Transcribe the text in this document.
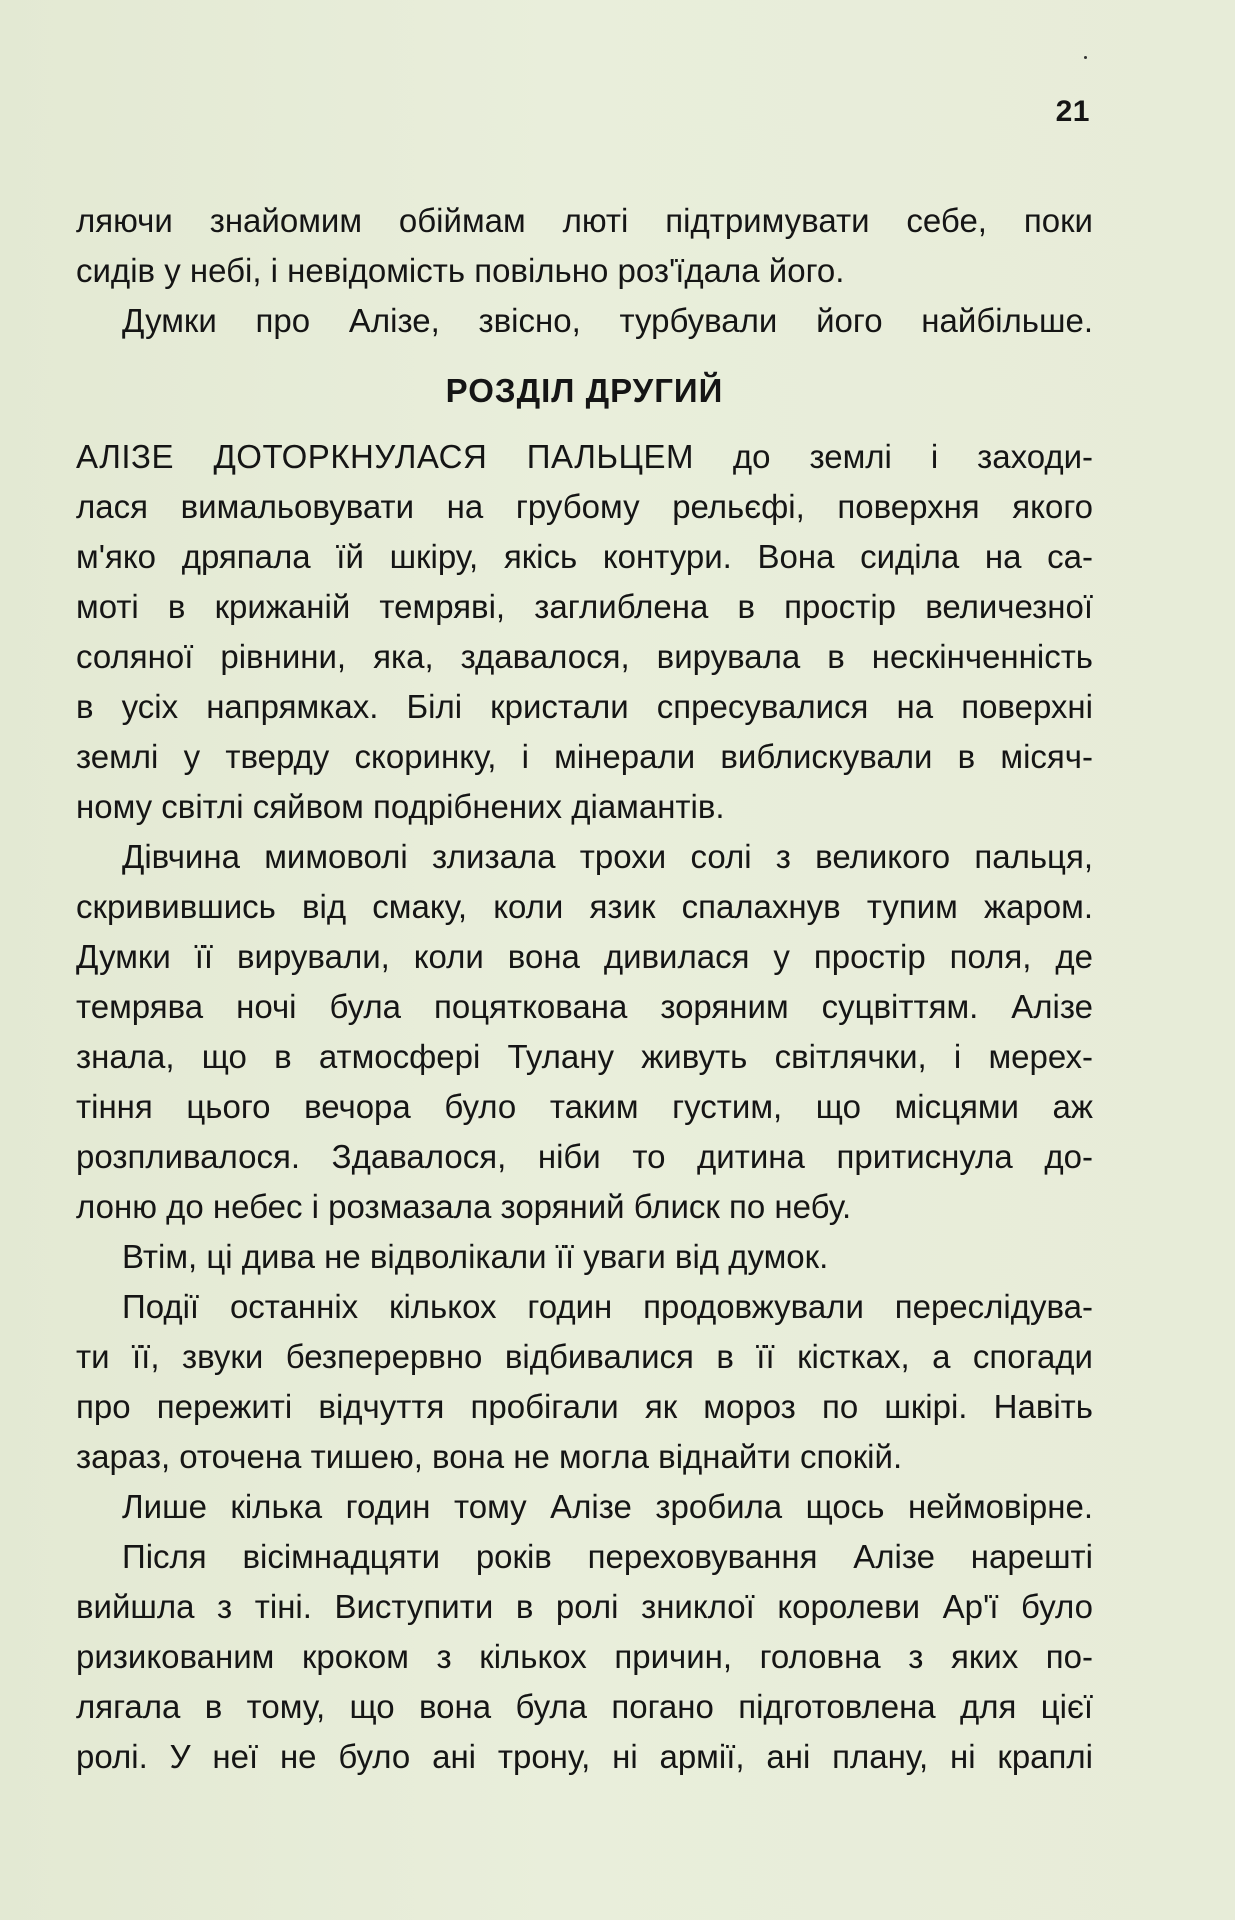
21
ляючи знайомим обіймам люті підтримувати себе, поки
сидів у небі, і невідомість повільно роз'їдала його.
Думки про Алізе, звісно, турбували його найбільше.
РОЗДІЛ ДРУГИЙ
АЛІЗЕ ДОТОРКНУЛАСЯ ПАЛЬЦЕМ до землі і заходи-
лася вимальовувати на грубому рельєфі, поверхня якого
м'яко дряпала їй шкіру, якісь контури. Вона сиділа на са-
моті в крижаній темряві, заглиблена в простір величезної
соляної рівнини, яка, здавалося, вирувала в нескінченність
в усіх напрямках. Білі кристали спресувалися на поверхні
землі у тверду скоринку, і мінерали виблискували в місяч-
ному світлі сяйвом подрібнених діамантів.
Дівчина мимоволі злизала трохи солі з великого пальця,
скривившись від смаку, коли язик спалахнув тупим жаром.
Думки її вирували, коли вона дивилася у простір поля, де
темрява ночі була поцяткована зоряним суцвіттям. Алізе
знала, що в атмосфері Тулану живуть світлячки, і мерех-
тіння цього вечора було таким густим, що місцями аж
розпливалося. Здавалося, ніби то дитина притиснула до-
лоню до небес і розмазала зоряний блиск по небу.
Втім, ці дива не відволікали її уваги від думок.
Події останніх кількох годин продовжували переслідува-
ти її, звуки безперервно відбивалися в її кістках, а спогади
про пережиті відчуття пробігали як мороз по шкірі. Навіть
зараз, оточена тишею, вона не могла віднайти спокій.
Лише кілька годин тому Алізе зробила щось неймовірне.
Після вісімнадцяти років переховування Алізе нарешті
вийшла з тіні. Виступити в ролі зниклої королеви Ар'ї було
ризикованим кроком з кількох причин, головна з яких по-
лягала в тому, що вона була погано підготовлена для цієї
ролі. У неї не було ані трону, ні армії, ані плану, ні краплі
